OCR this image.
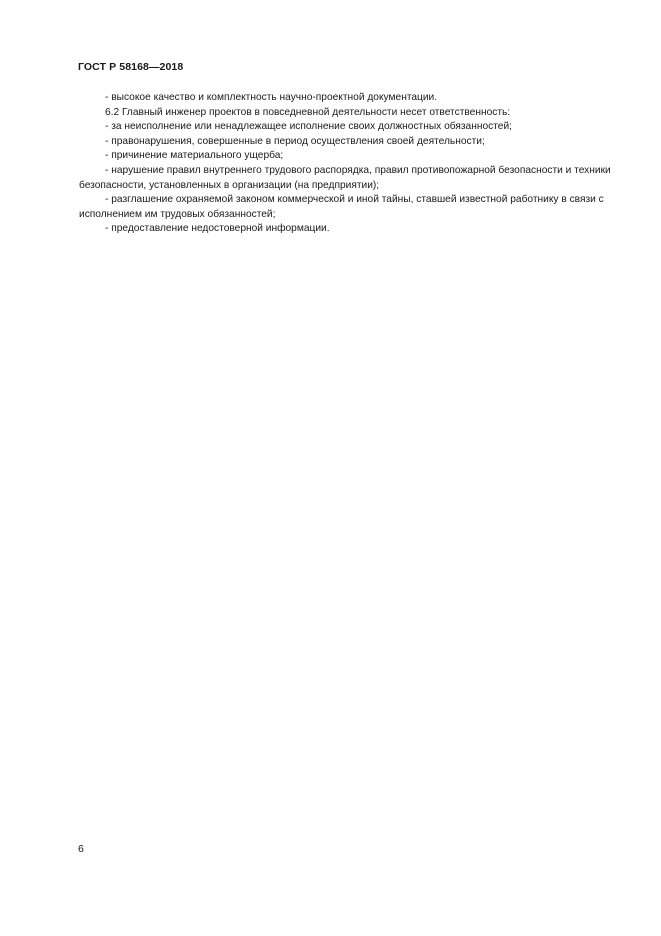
ГОСТ Р 58168—2018

- высокое качество и комплектность научно-проектной документации.

6.2 Главный инженер проектов в повседневной деятельности несет ответственность:

- за неисполнение или ненадлежащее исполнение своих должностных обязанностей;

- правонарушения, совершенные в период осуществления своей деятельности;

- причинение материального ущерба;

- нарушение правил внутреннего трудового распорядка, правил противопожарной безопасности и техники безопасности, установленных в организации (на предприятии);

- разглашение охраняемой законом коммерческой и иной тайны, ставшей известной работнику в связи с исполнением им трудовых обязанностей;

- предоставление недостоверной информации.

6
